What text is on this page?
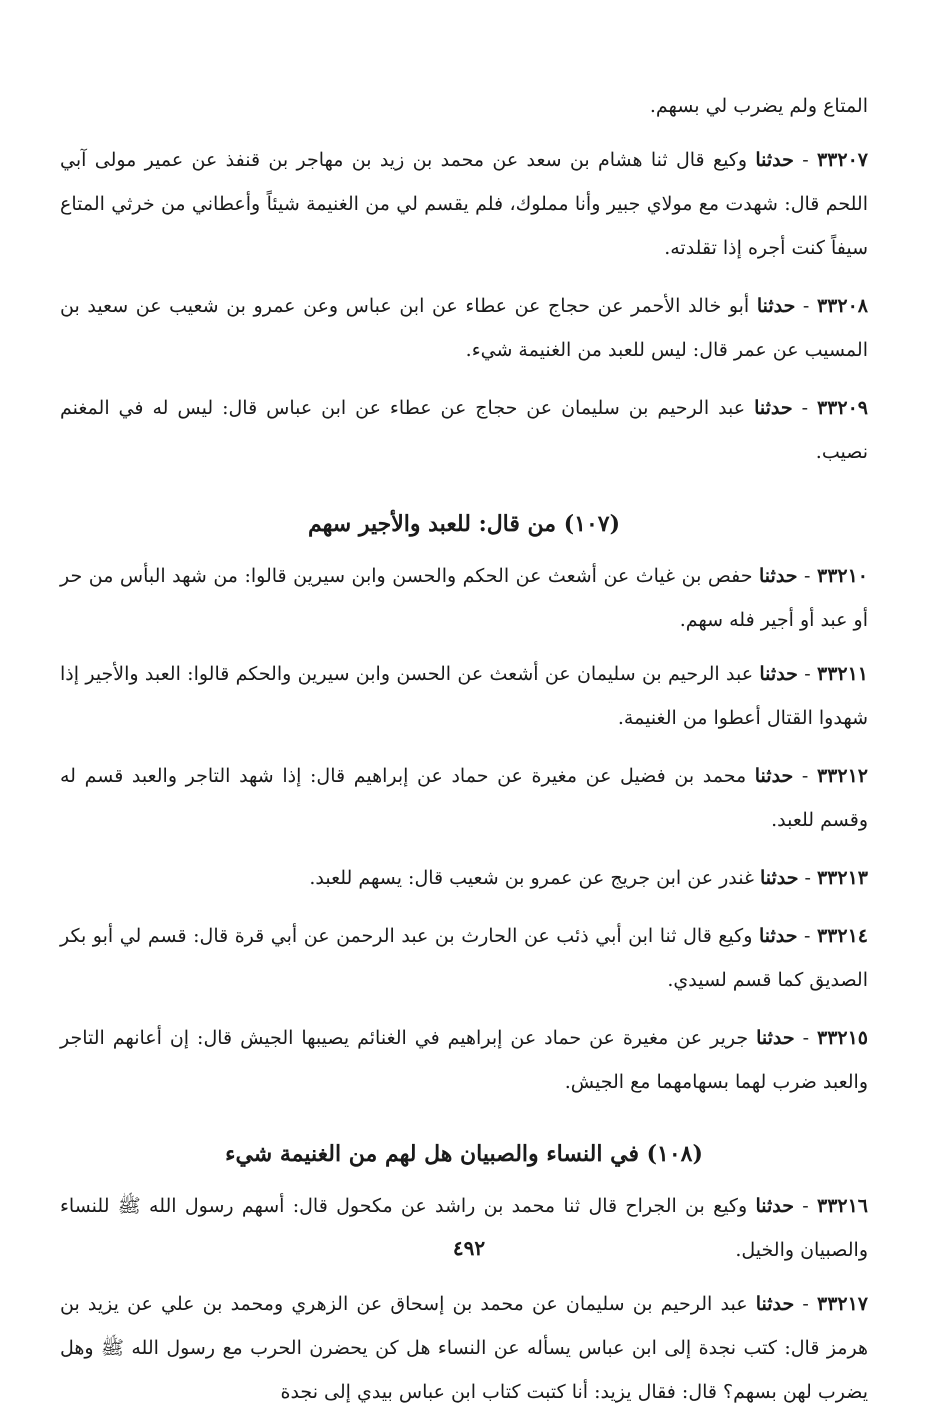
المتاع ولم يضرب لي بسهم.

٣٣٢٠٧ - حدثنا وكيع قال ثنا هشام بن سعد عن محمد بن زيد بن مهاجر بن قنفذ عن عمير مولى آبي اللحم قال: شهدت مع مولاي جبير وأنا مملوك، فلم يقسم لي من الغنيمة شيئاً وأعطاني من خرثي المتاع سيفاً كنت أجره إذا تقلدته.

٣٣٢٠٨ - حدثنا أبو خالد الأحمر عن حجاج عن عطاء عن ابن عباس وعن عمرو بن شعيب عن سعيد بن المسيب عن عمر قال: ليس للعبد من الغنيمة شيء.

٣٣٢٠٩ - حدثنا عبد الرحيم بن سليمان عن حجاج عن عطاء عن ابن عباس قال: ليس له في المغنم نصيب.

(١٠٧) من قال: للعبد والأجير سهم

٣٣٢١٠ - حدثنا حفص بن غياث عن أشعث عن الحكم والحسن وابن سيرين قالوا: من شهد البأس من حر أو عبد أو أجير فله سهم.

٣٣٢١١ - حدثنا عبد الرحيم بن سليمان عن أشعث عن الحسن وابن سيرين والحكم قالوا: العبد والأجير إذا شهدوا القتال أعطوا من الغنيمة.

٣٣٢١٢ - حدثنا محمد بن فضيل عن مغيرة عن حماد عن إبراهيم قال: إذا شهد التاجر والعبد قسم له وقسم للعبد.

٣٣٢١٣ - حدثنا غندر عن ابن جريج عن عمرو بن شعيب قال: يسهم للعبد.

٣٣٢١٤ - حدثنا وكيع قال ثنا ابن أبي ذئب عن الحارث بن عبد الرحمن عن أبي قرة قال: قسم لي أبو بكر الصديق كما قسم لسيدي.

٣٣٢١٥ - حدثنا جرير عن مغيرة عن حماد عن إبراهيم في الغنائم يصيبها الجيش قال: إن أعانهم التاجر والعبد ضرب لهما بسهامهما مع الجيش.

(١٠٨) في النساء والصبيان هل لهم من الغنيمة شيء

٣٣٢١٦ - حدثنا وكيع بن الجراح قال ثنا محمد بن راشد عن مكحول قال: أسهم رسول الله ﷺ للنساء والصبيان والخيل.

٣٣٢١٧ - حدثنا عبد الرحيم بن سليمان عن محمد بن إسحاق عن الزهري ومحمد بن علي عن يزيد بن هرمز قال: كتب نجدة إلى ابن عباس يسأله عن النساء هل كن يحضرن الحرب مع رسول الله ﷺ وهل يضرب لهن بسهم؟ قال: فقال يزيد: أنا كتبت كتاب ابن عباس بيدي إلى نجدة

٤٩٢
